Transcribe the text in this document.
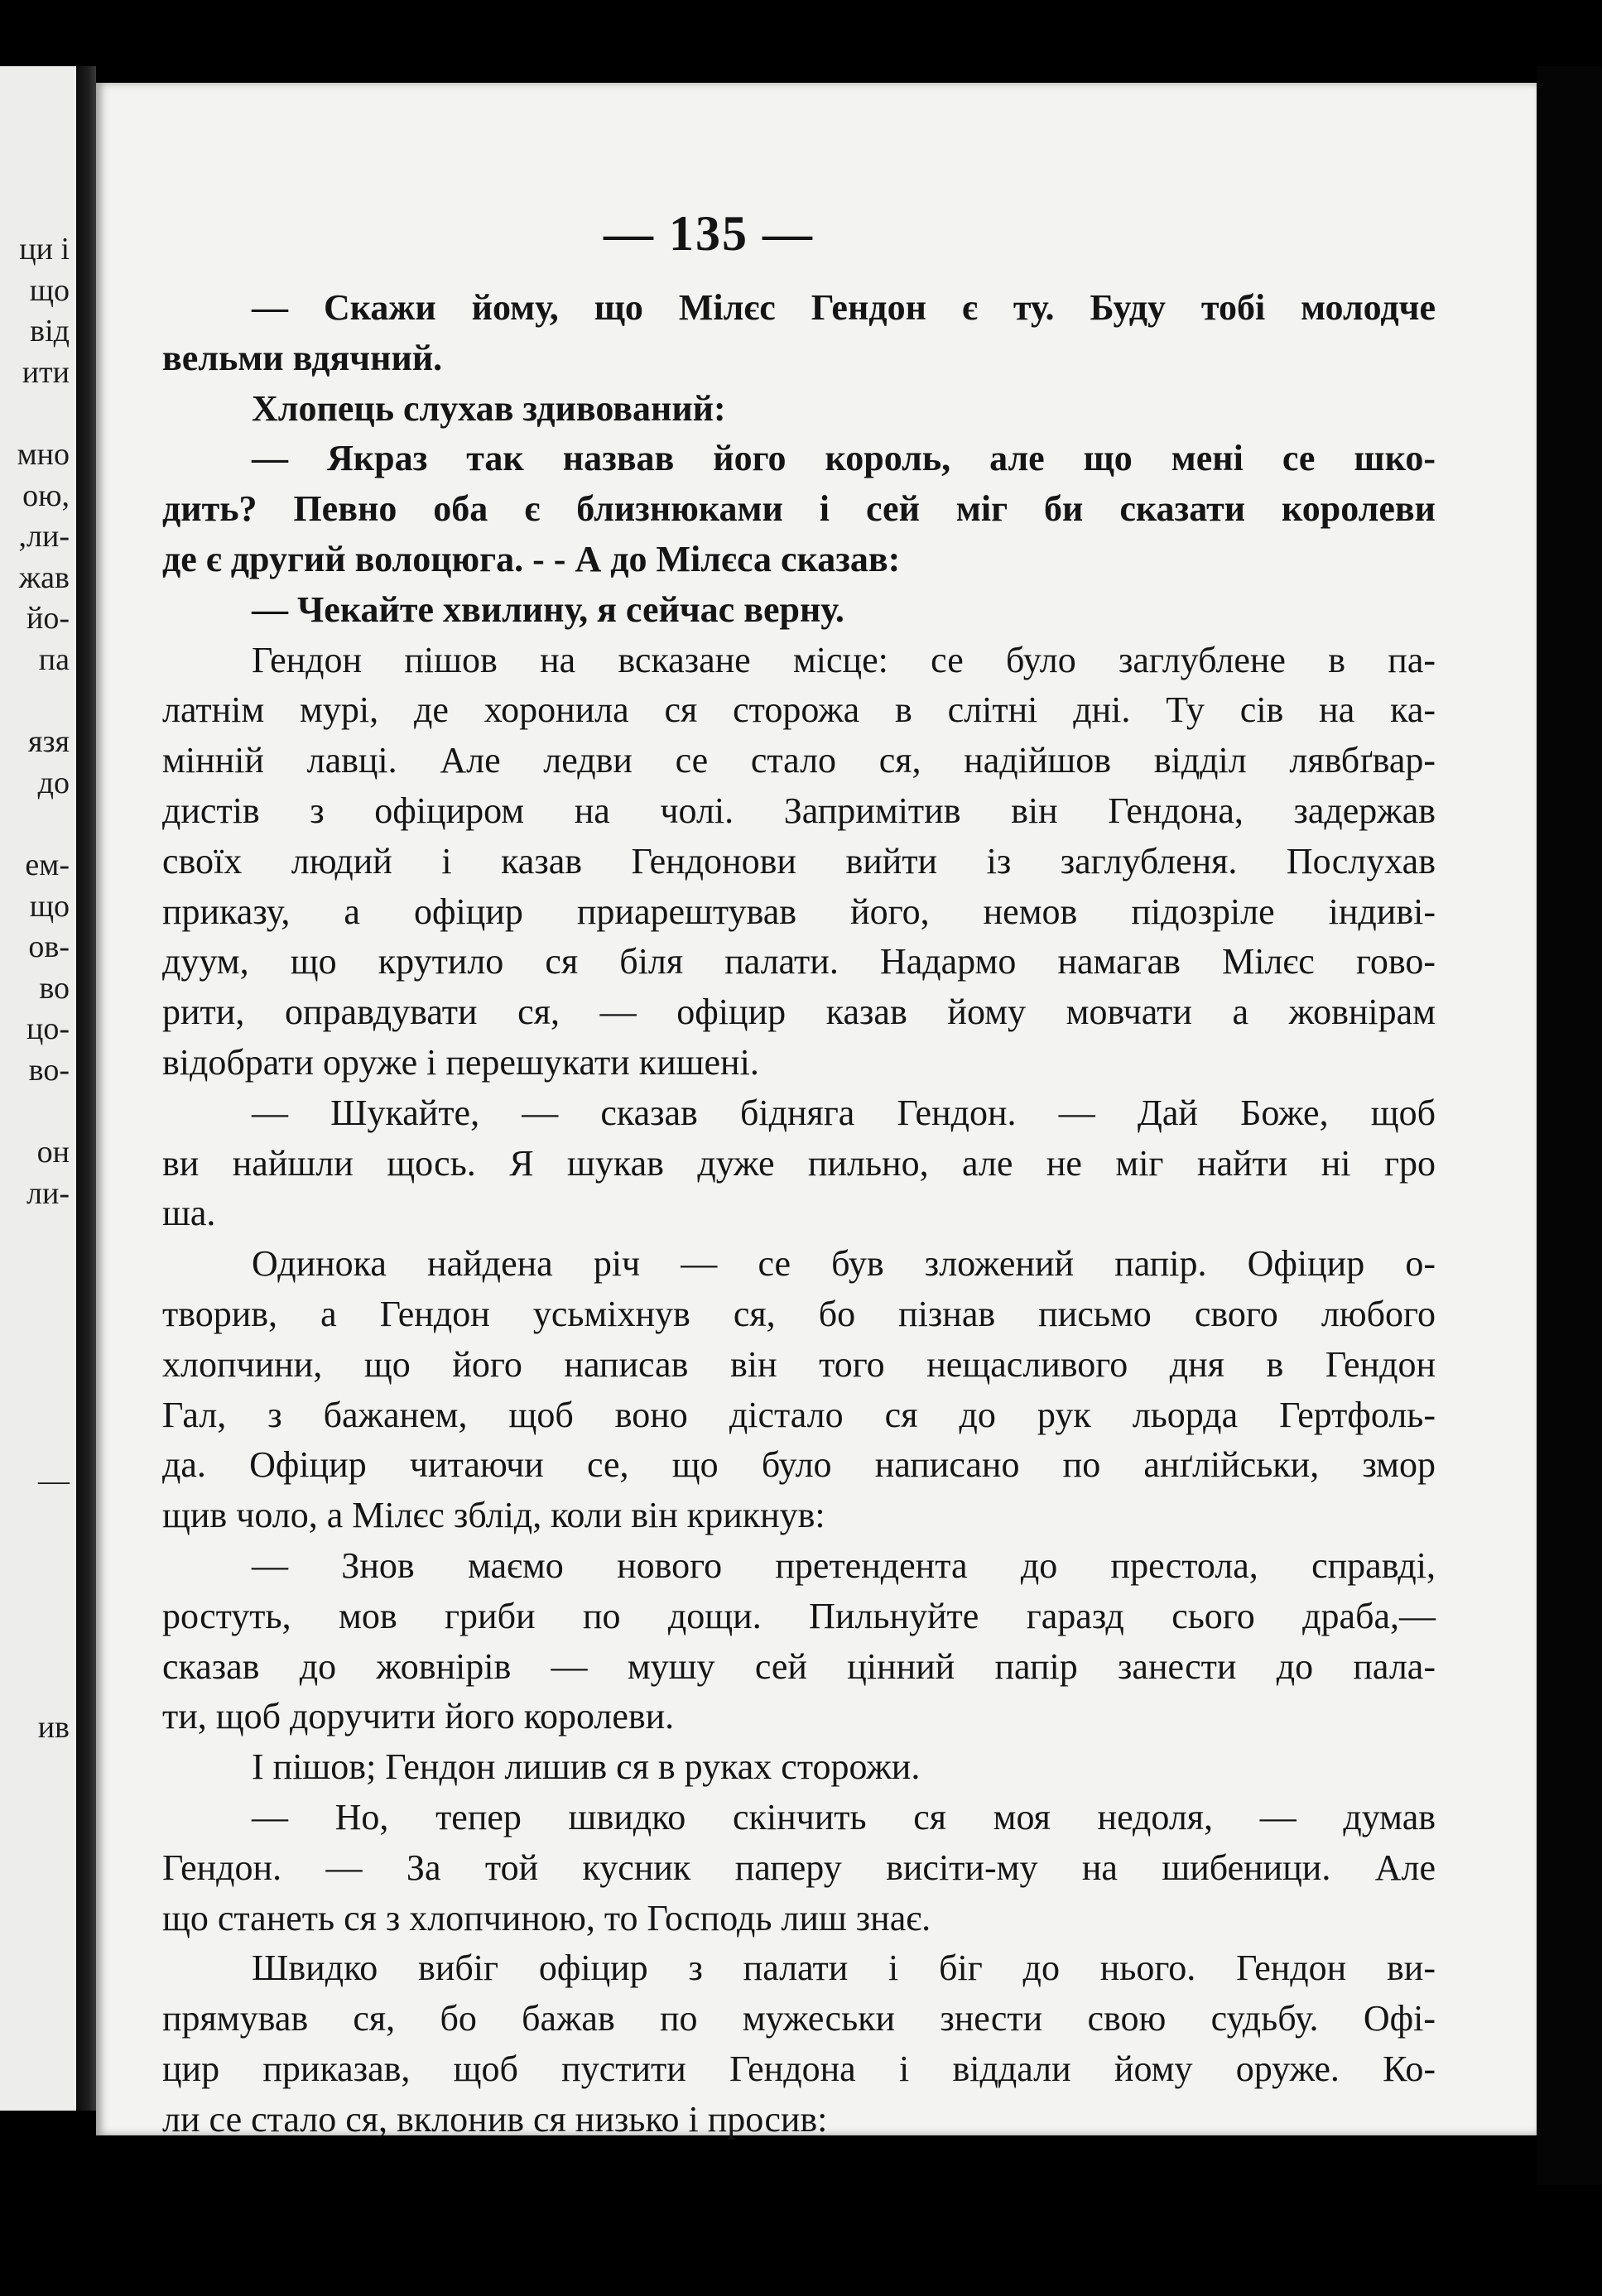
ци і
що
від
ити
мно
ою,
,ли-
жав
йо-
па
язя
до
ем-
що
ов-
во
цо-
во-
он
ли-
—
ив
— 135 —
— Скажи йому, що Мілєс Гендон є ту. Буду тобі молодче
вельми вдячний.
Хлопець слухав здивований:
— Якраз так назвав його король, але що мені се шко-
дить? Певно оба є близнюками і сей міг би сказати королеви
де є другий волоцюга. - - А до Мілєса сказав:
— Чекайте хвилину, я сейчас верну.
Гендон пішов на всказане місце: се було заглублене в па-
латнім мурі, де хоронила ся сторожа в слітні дні. Ту сів на ка-
мінній лавці. Але ледви се стало ся, надійшов відділ лявбґвар-
дистів з офіциром на чолі. Запримітив він Гендона, задержав
своїх людий і казав Гендонови вийти із заглубленя. Послухав
приказу, а офіцир приарештував його, немов підозріле індиві-
дуум, що крутило ся біля палати. Надармо намагав Мілєс гово-
рити, оправдувати ся, — офіцир казав йому мовчати а жовнірам
відобрати оруже і перешукати кишені.
— Шукайте, — сказав бідняга Гендон. — Дай Боже, щоб
ви найшли щось. Я шукав дуже пильно, але не міг найти ні гро
ша.
Одинока найдена річ — се був зложений папір. Офіцир о-
творив, а Гендон усьміхнув ся, бо пізнав письмо свого любого
хлопчини, що його написав він того нещасливого дня в Гендон
Гал, з бажанем, щоб воно дістало ся до рук льорда Гертфоль-
да. Офіцир читаючи се, що було написано по анґлійськи, змор
щив чоло, а Мілєс зблід, коли він крикнув:
— Знов маємо нового претендента до престола, справді,
ростуть, мов гриби по дощи. Пильнуйте гаразд сього драба,—
сказав до жовнірів — мушу сей цінний папір занести до пала-
ти, щоб доручити його королеви.
І пішов; Гендон лишив ся в руках сторожи.
— Но, тепер швидко скінчить ся моя недоля, — думав
Гендон. — За той кусник паперу висіти-му на шибеници. Але
що станеть ся з хлопчиною, то Господь лиш знає.
Швидко вибіг офіцир з палати і біг до нього. Гендон ви-
прямував ся, бо бажав по мужеськи знести свою судьбу. Офі-
цир приказав, щоб пустити Гендона і віддали йому оруже. Ко-
ли се стало ся, вклонив ся низько і просив:
